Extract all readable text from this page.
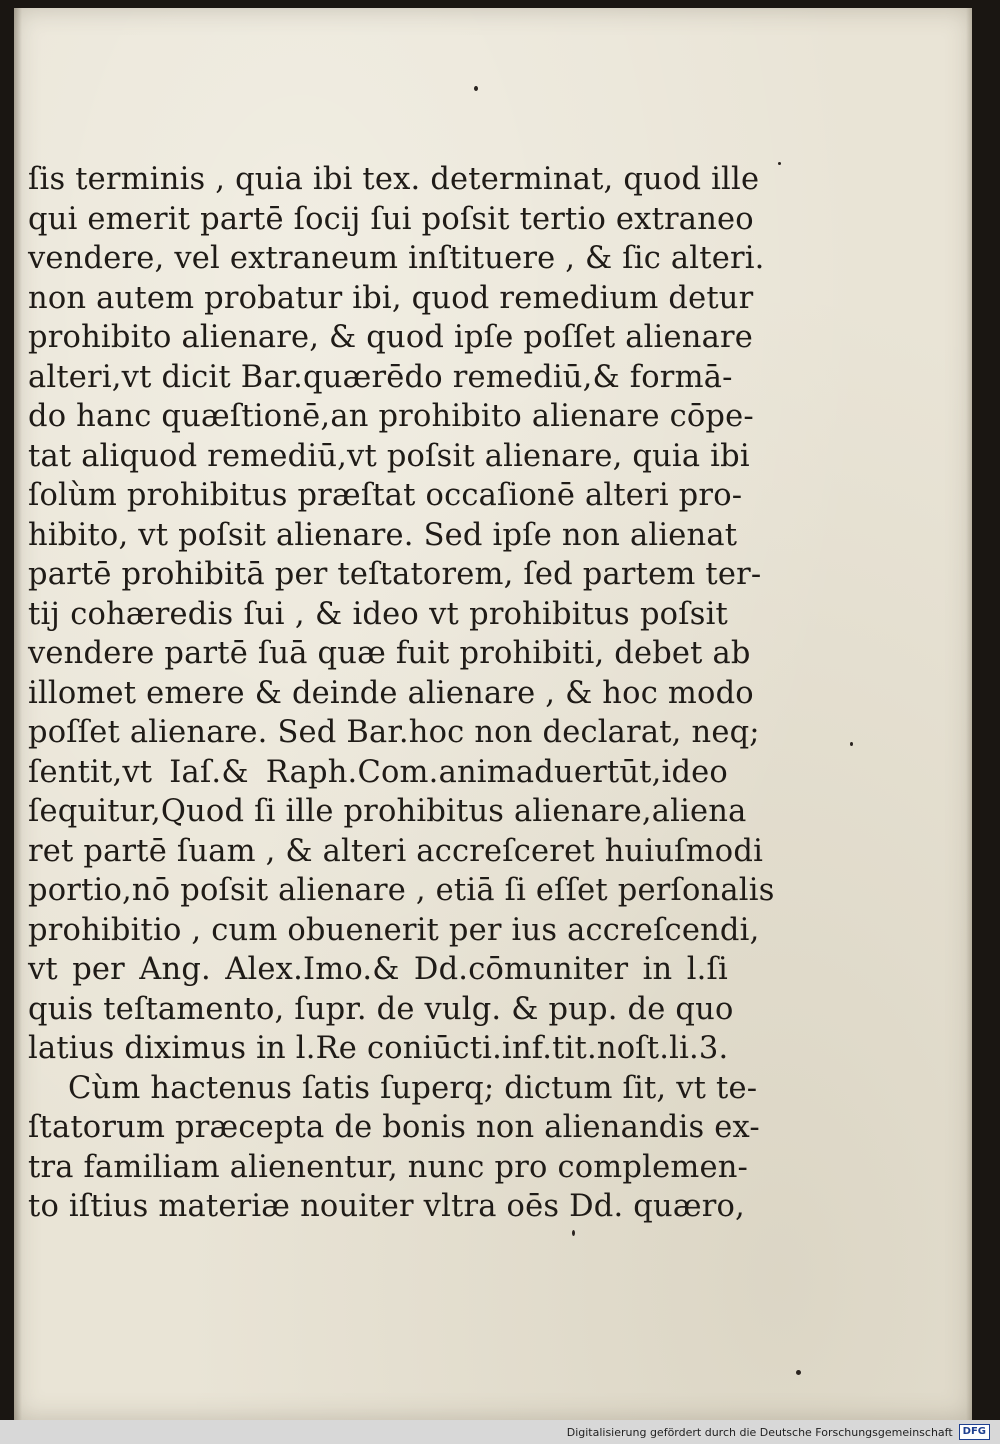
ſis terminis , quia ibi tex. determinat, quod ille
qui emerit partē ſocij ſui poſsit tertio extraneo
vendere, vel extraneum inſtituere , & ſic alteri.
non autem probatur ibi, quod remedium detur
prohibito alienare, & quod ipſe poſſet alienare
alteri,vt dicit Bar.quærēdo remediū,& formā-
do hanc quæſtionē,an prohibito alienare cōpe-
tat aliquod remediū,vt poſsit alienare, quia ibi
ſolùm prohibitus præſtat occaſionē alteri pro-
hibito, vt poſsit alienare. Sed ipſe non alienat
partē prohibitā per teſtatorem, ſed partem ter-
tij cohæredis ſui , & ideo vt prohibitus poſsit
vendere partē ſuā quæ fuit prohibiti, debet ab
illomet emere & deinde alienare , & hoc modo
poſſet alienare. Sed Bar.hoc non declarat, neq;
ſentit,vt Iaſ.& Raph.Com.animaduertūt,ideo
ſequitur,Quod ſi ille prohibitus alienare,aliena
ret partē ſuam , & alteri accreſceret huiuſmodi
portio,nō poſsit alienare , etiā ſi eſſet perſonalis
prohibitio , cum obuenerit per ius accreſcendi,
vt per Ang. Alex.Imo.& Dd.cōmuniter in l.ſi
quis teſtamento, ſupr. de vulg. & pup. de quo
latius diximus in l.Re coniūcti.inf.tit.noſt.li.3.
Cùm hactenus ſatis ſuperq; dictum ſit, vt te-
ſtatorum præcepta de bonis non alienandis ex-
tra familiam alienentur, nunc pro complemen-
to iſtius materiæ nouiter vltra oēs Dd. quæro,
Digitalisierung gefördert durch die Deutsche Forschungsgemeinschaft	DFG
